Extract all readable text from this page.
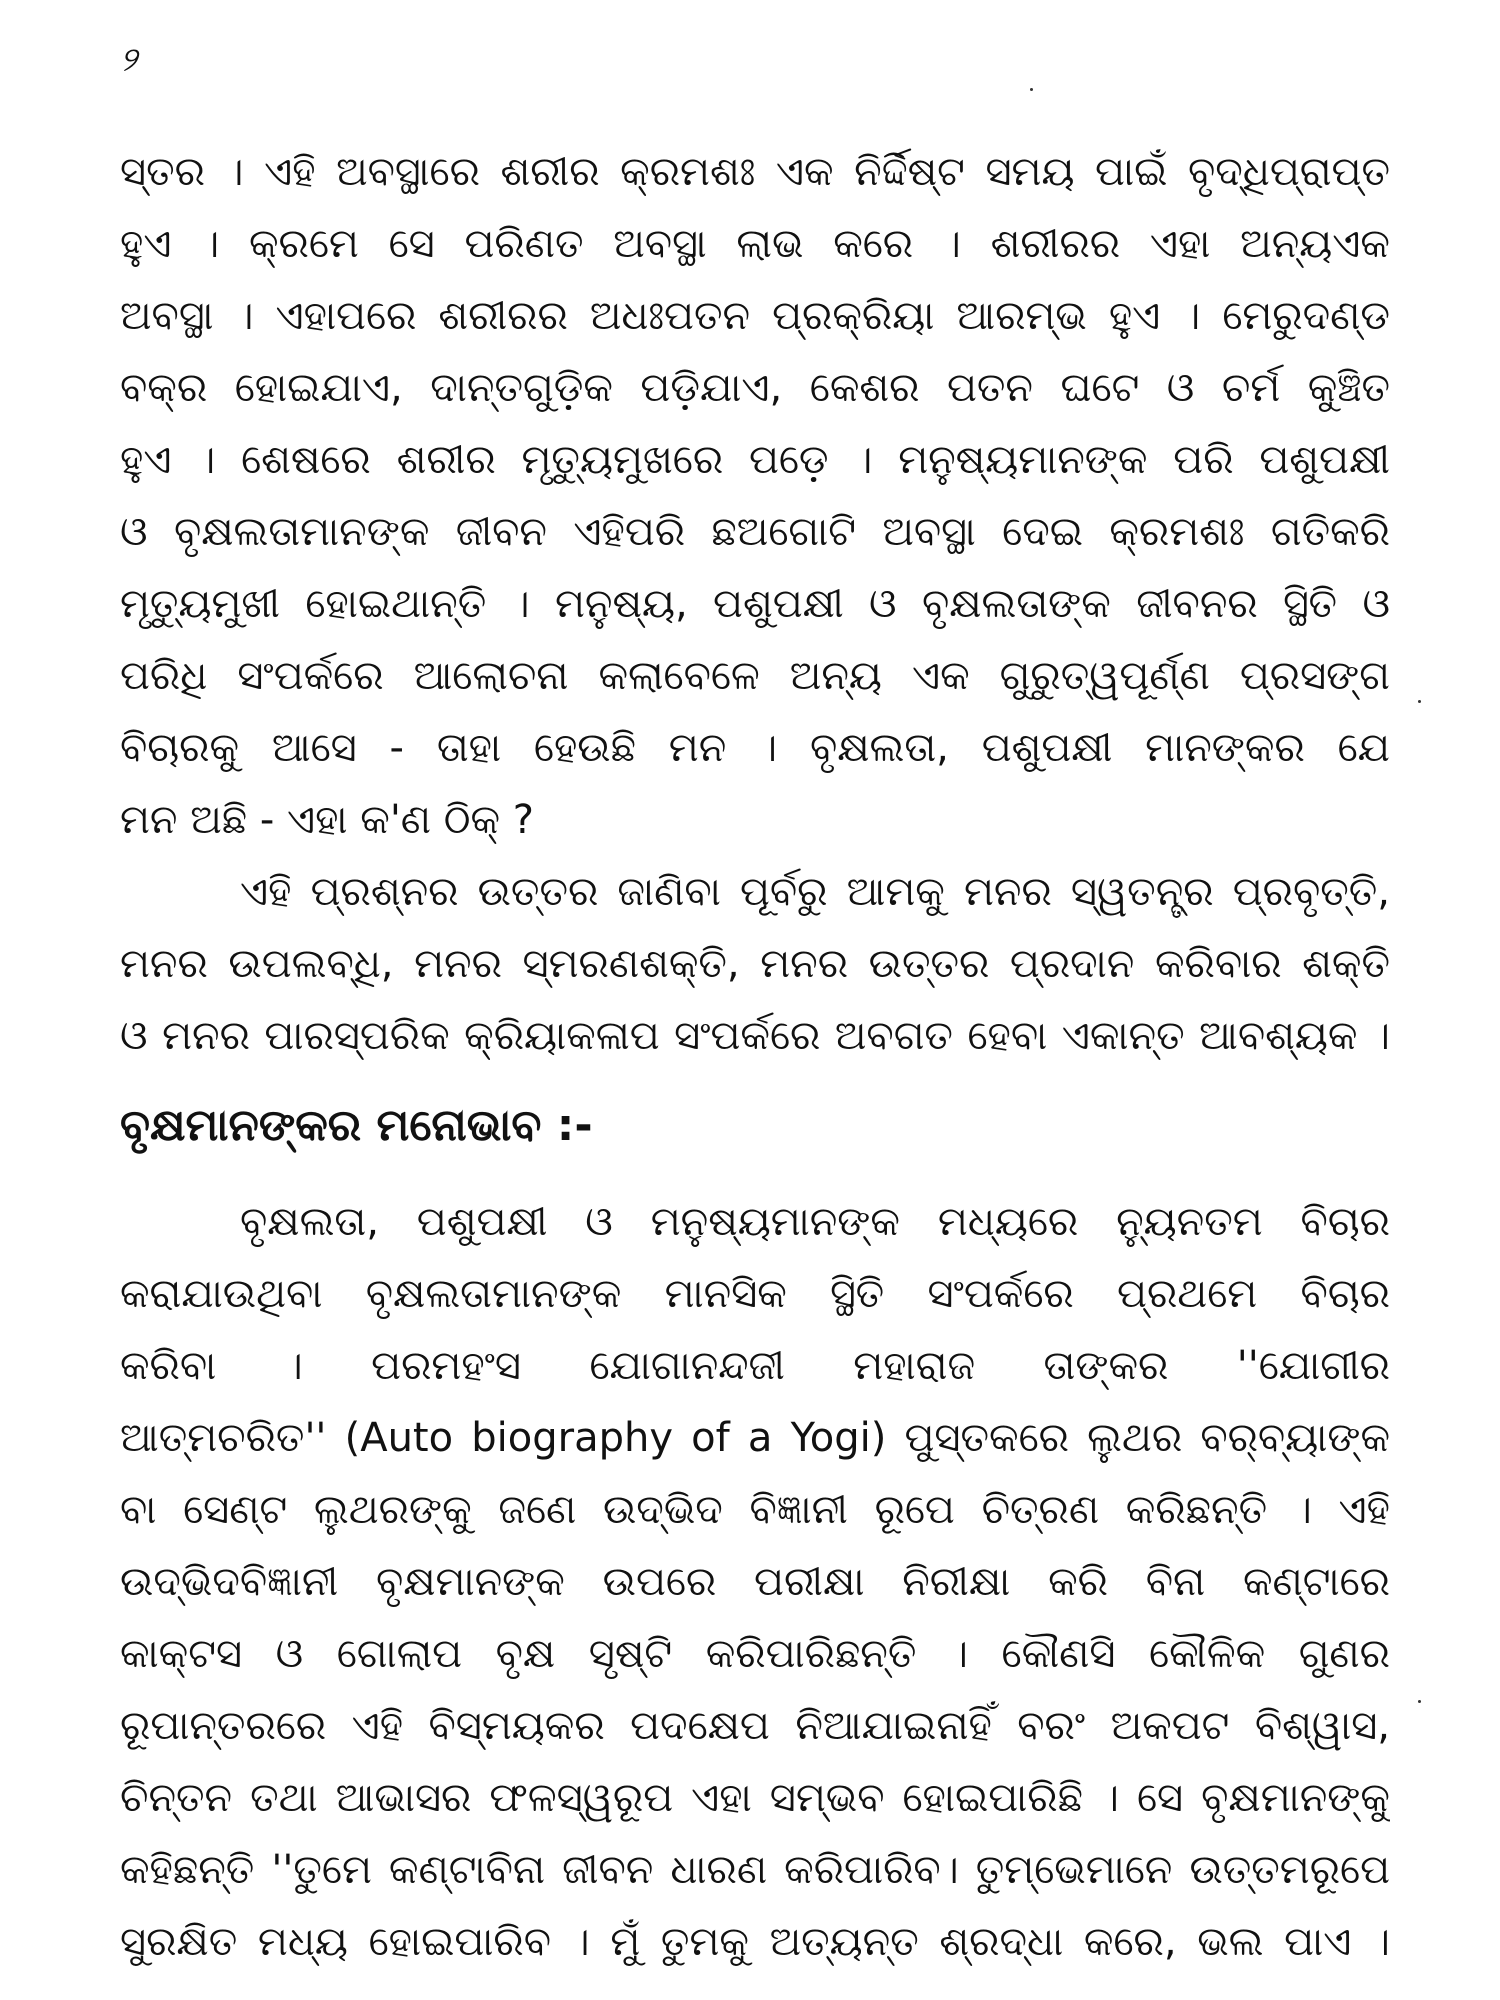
୨
ସ୍ତର । ଏହି ଅବସ୍ଥାରେ ଶରୀର କ୍ରମଶଃ ଏକ ନିର୍ଦ୍ଦିଷ୍ଟ ସମୟ ପାଇଁ ବୃଦ୍ଧିପ୍ରାପ୍ତ
ହୁଏ । କ୍ରମେ ସେ ପରିଣତ ଅବସ୍ଥା ଲାଭ କରେ । ଶରୀରର ଏହା ଅନ୍ୟଏକ
ଅବସ୍ଥା । ଏହାପରେ ଶରୀରର ଅଧଃପତନ ପ୍ରକ୍ରିୟା ଆରମ୍ଭ ହୁଏ । ମେରୁଦଣ୍ଡ
ବକ୍ର ହୋଇଯାଏ, ଦାନ୍ତଗୁଡ଼ିକ ପଡ଼ିଯାଏ, କେଶର ପତନ ଘଟେ ଓ ଚର୍ମ କୁଞ୍ଚିତ
ହୁଏ । ଶେଷରେ ଶରୀର ମୃତ୍ୟୁମୁଖରେ ପଡ଼େ । ମନୁଷ୍ୟମାନଙ୍କ ପରି ପଶୁପକ୍ଷୀ
ଓ ବୃକ୍ଷଲତାମାନଙ୍କ ଜୀବନ ଏହିପରି ଛଅଗୋଟି ଅବସ୍ଥା ଦେଇ କ୍ରମଶଃ ଗତିକରି
ମୃତ୍ୟୁମୁଖୀ ହୋଇଥାନ୍ତି । ମନୁଷ୍ୟ, ପଶୁପକ୍ଷୀ ଓ ବୃକ୍ଷଲତାଙ୍କ ଜୀବନର ସ୍ଥିତି ଓ
ପରିଧି ସଂପର୍କରେ ଆଲୋଚନା କଲାବେଳେ ଅନ୍ୟ ଏକ ଗୁରୁତ୍ୱପୂର୍ଣ୍ଣ ପ୍ରସଙ୍ଗ
ବିଚାରକୁ ଆସେ - ତାହା ହେଉଛି ମନ । ବୃକ୍ଷଲତା, ପଶୁପକ୍ଷୀ ମାନଙ୍କର ଯେ
ମନ ଅଛି - ଏହା କ'ଣ ଠିକ୍ ?
ଏହି ପ୍ରଶ୍ନର ଉତ୍ତର ଜାଣିବା ପୂର୍ବରୁ ଆମକୁ ମନର ସ୍ୱତନ୍ତ୍ର ପ୍ରବୃତ୍ତି,
ମନର ଉପଲବ୍ଧି, ମନର ସ୍ମରଣଶକ୍ତି, ମନର ଉତ୍ତର ପ୍ରଦାନ କରିବାର ଶକ୍ତି
ଓ ମନର ପାରସ୍ପରିକ କ୍ରିୟାକଳାପ ସଂପର୍କରେ ଅବଗତ ହେବା ଏକାନ୍ତ ଆବଶ୍ୟକ ।
ବୃକ୍ଷମାନଙ୍କର ମନୋଭାବ :-
ବୃକ୍ଷଲତା, ପଶୁପକ୍ଷୀ ଓ ମନୁଷ୍ୟମାନଙ୍କ ମଧ୍ୟରେ ନ୍ୟୁନତମ ବିଚାର
କରାଯାଉଥିବା ବୃକ୍ଷଲତାମାନଙ୍କ ମାନସିକ ସ୍ଥିତି ସଂପର୍କରେ ପ୍ରଥମେ ବିଚାର
କରିବା । ପରମହଂସ ଯୋଗାନନ୍ଦଜୀ ମହାରାଜ ତାଙ୍କର ''ଯୋଗୀର
ଆତ୍ମଚରିତ'' (Auto biography of a Yogi) ପୁସ୍ତକରେ ଲୁଥର ବର୍‌ବ୍ୟାଙ୍କ
ବା ସେଣ୍ଟ ଲୁଥରଙ୍କୁ ଜଣେ ଉଦ୍ଭିଦ ବିଜ୍ଞାନୀ ରୂପେ ଚିତ୍ରଣ କରିଛନ୍ତି । ଏହି
ଉଦ୍ଭିଦବିଜ୍ଞାନୀ ବୃକ୍ଷମାନଙ୍କ ଉପରେ ପରୀକ୍ଷା ନିରୀକ୍ଷା କରି ବିନା କଣ୍ଟାରେ
କାକ୍‌ଟସ ଓ ଗୋଲାପ ବୃକ୍ଷ ସୃଷ୍ଟି କରିପାରିଛନ୍ତି । କୌଣସି କୌଳିକ ଗୁଣର
ରୂପାନ୍ତରରେ ଏହି ବିସ୍ମୟକର ପଦକ୍ଷେପ ନିଆଯାଇନାହିଁ ବରଂ ଅକପଟ ବିଶ୍ୱାସ,
ଚିନ୍ତନ ତଥା ଆଭାସର ଫଳସ୍ୱରୂପ ଏହା ସମ୍ଭବ ହୋଇପାରିଛି । ସେ ବୃକ୍ଷମାନଙ୍କୁ
କହିଛନ୍ତି ''ତୁମେ କଣ୍ଟାବିନା ଜୀବନ ଧାରଣ କରିପାରିବ। ତୁମ୍ଭେମାନେ ଉତ୍ତମରୂପେ
ସୁରକ୍ଷିତ ମଧ୍ୟ ହୋଇପାରିବ । ମୁଁ ତୁମକୁ ଅତ୍ୟନ୍ତ ଶ୍ରଦ୍ଧା କରେ, ଭଲ ପାଏ ।
